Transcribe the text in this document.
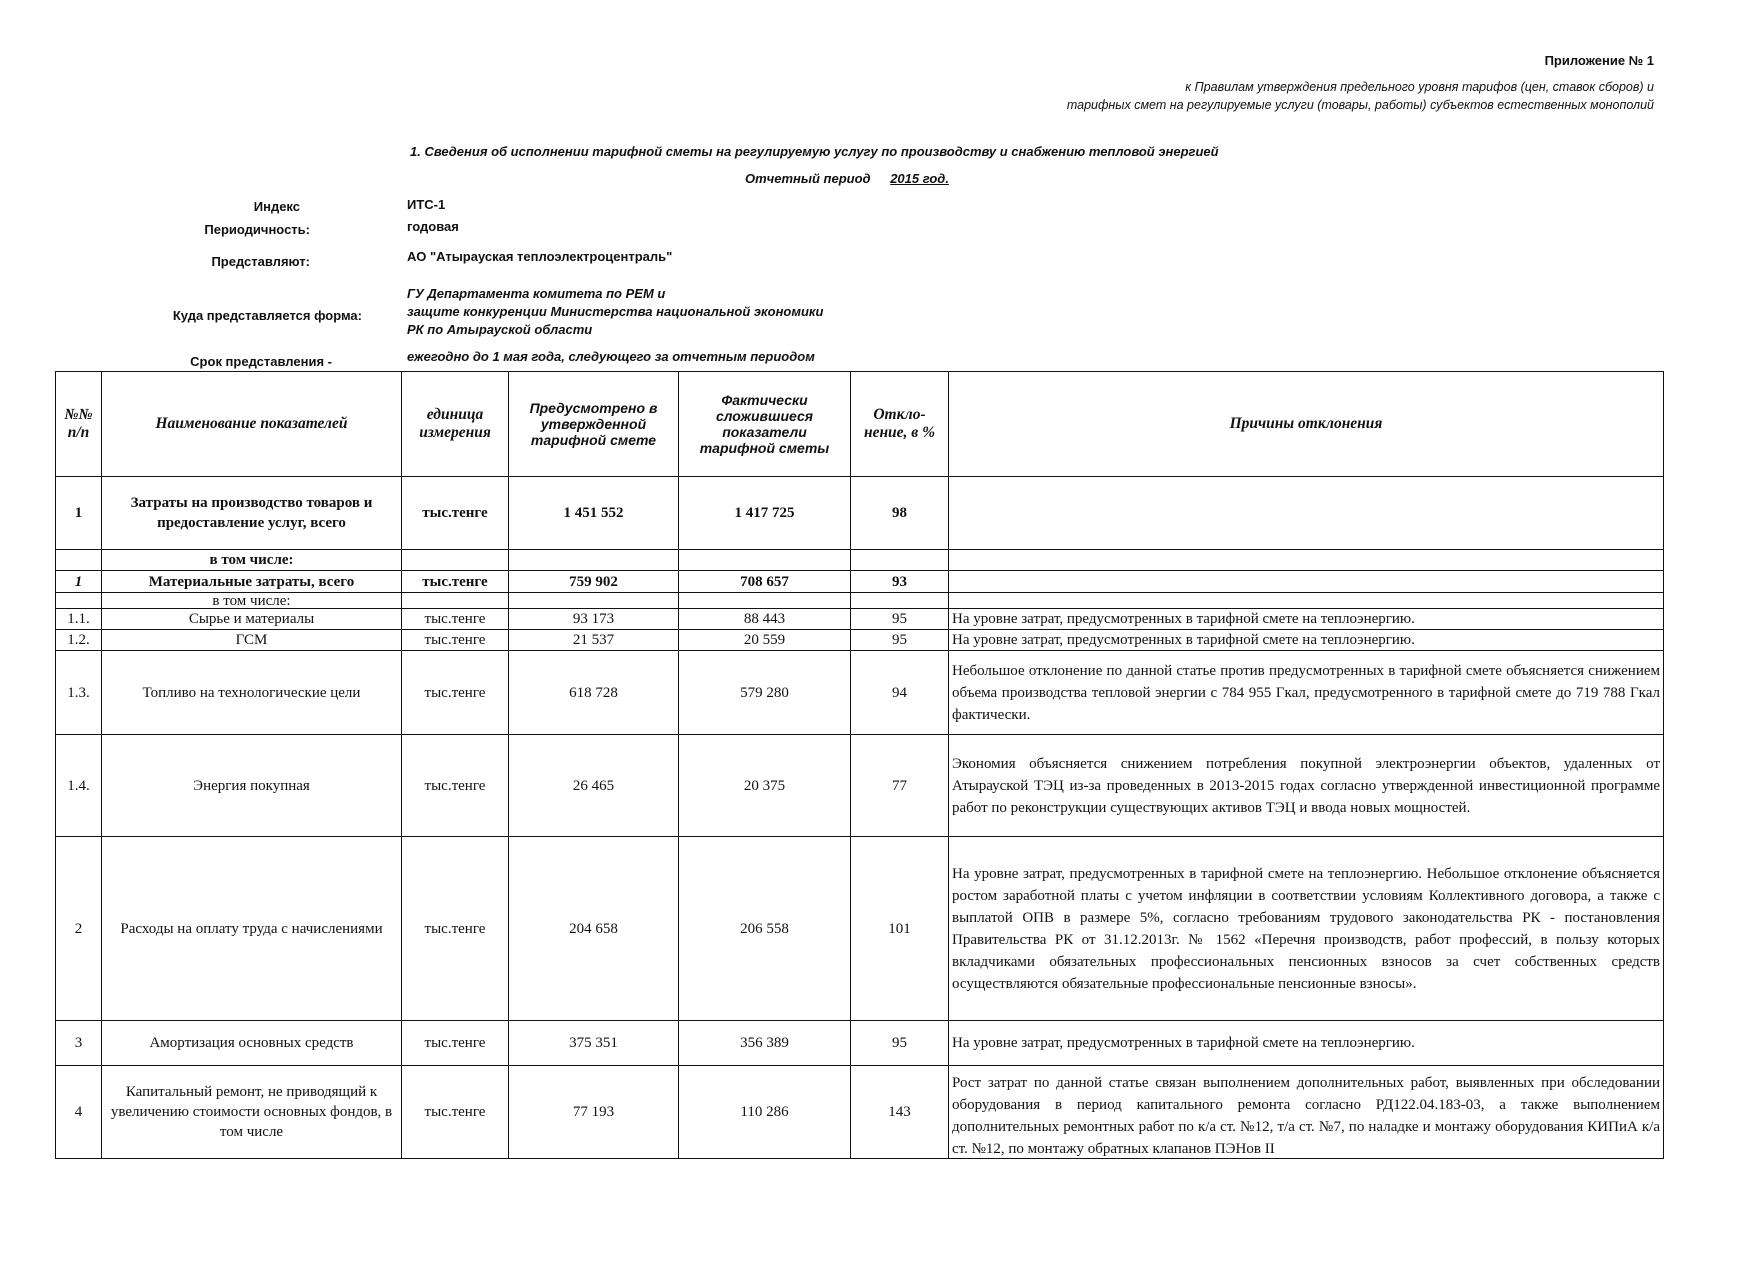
Приложение № 1
к Правилам утверждения предельного уровня тарифов (цен, ставок сборов) и
тарифных смет на регулируемые услуги (товары, работы) субъектов естественных монополий
1. Сведения об исполнении тарифной сметы на регулируемую услугу по производству и снабжению тепловой энергией
Отчетный период 2015 год.
Индекс	ИТС-1
Периодичность:	годовая
Представляют:	АО "Атырауская теплоэлектроцентраль"
Куда представляется форма:
ГУ Департамента комитета по РЕМ и
защите конкуренции Министерства национальной экономики
РК по Атырауской области
Срок представления -	ежегодно до 1 мая года, следующего за отчетным периодом
№№ п/п	Наименование показателей	единица измерения	Предусмотрено в утвержденной тарифной смете	Фактически сложившиеся показатели тарифной сметы	Откло-нение, в %	Причины отклонения
1	Затраты на производство товаров и предоставление услуг, всего	тыс.тенге	1 451 552	1 417 725	98	
	в том числе:					
1	Материальные затраты, всего	тыс.тенге	759 902	708 657	93	
	в том числе:					
1.1.	Сырье и материалы	тыс.тенге	93 173	88 443	95	На уровне затрат, предусмотренных в тарифной смете на теплоэнергию.
1.2.	ГСМ	тыс.тенге	21 537	20 559	95	На уровне затрат, предусмотренных в тарифной смете на теплоэнергию.
1.3.	Топливо на технологические цели	тыс.тенге	618 728	579 280	94	Небольшое отклонение по данной статье против предусмотренных в тарифной смете объясняется снижением объема производства тепловой энергии с 784 955 Гкал, предусмотренного в тарифной смете до 719 788 Гкал фактически.
1.4.	Энергия покупная	тыс.тенге	26 465	20 375	77	Экономия объясняется снижением потребления покупной электроэнергии объектов, удаленных от Атырауской ТЭЦ из-за проведенных в 2013-2015 годах согласно утвержденной инвестиционной программе работ по реконструкции существующих активов ТЭЦ и ввода новых мощностей.
2	Расходы на оплату труда с начислениями	тыс.тенге	204 658	206 558	101	На уровне затрат, предусмотренных в тарифной смете на теплоэнергию. Небольшое отклонение объясняется ростом заработной платы с учетом инфляции в соответствии условиям Коллективного договора, а также с выплатой ОПВ в размере 5%, согласно требованиям трудового законодательства РК - постановления Правительства РК от 31.12.2013г. № 1562 «Перечня производств, работ профессий, в пользу которых вкладчиками обязательных профессиональных пенсионных взносов за счет собственных средств осуществляются обязательные профессиональные пенсионные взносы».
3	Амортизация основных средств	тыс.тенге	375 351	356 389	95	На уровне затрат, предусмотренных в тарифной смете на теплоэнергию.
4	Капитальный ремонт, не приводящий к увеличению стоимости основных фондов, в том числе	тыс.тенге	77 193	110 286	143	Рост затрат по данной статье связан выполнением дополнительных работ, выявленных при обследовании оборудования в период капитального ремонта согласно РД122.04.183-03, а также выполнением дополнительных ремонтных работ по к/а ст. №12, т/а ст. №7, по наладке и монтажу оборудования КИПиА к/а ст. №12, по монтажу обратных клапанов ПЭНов II
